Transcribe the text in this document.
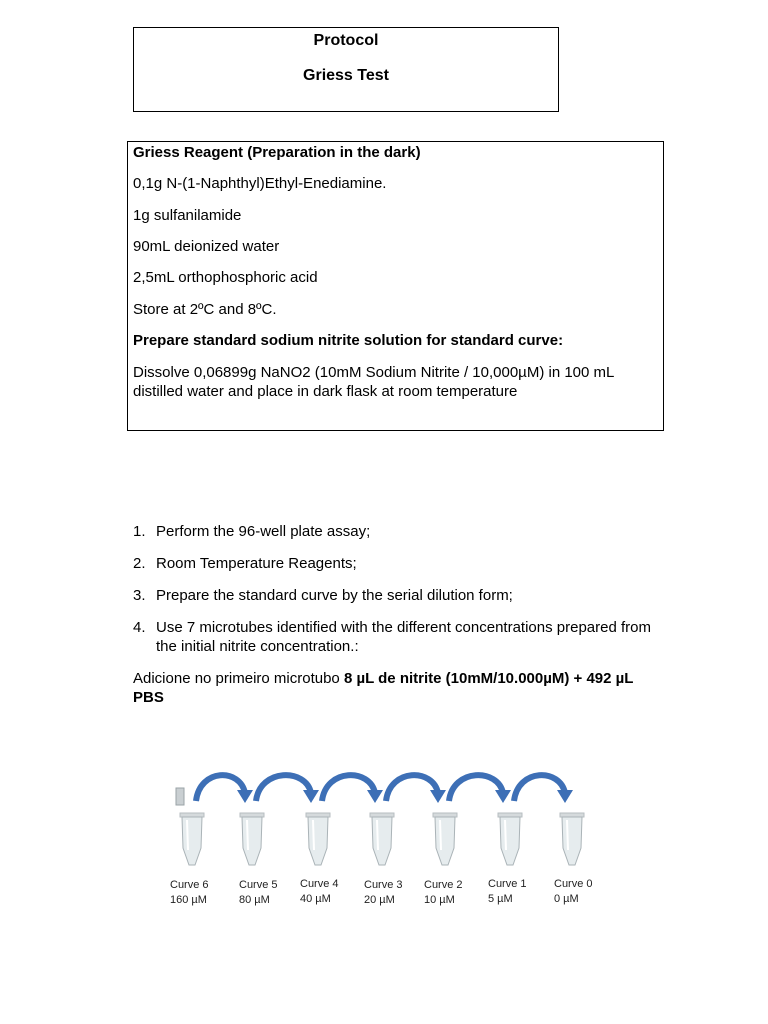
Protocol
Griess Test

Griess Reagent (Preparation in the dark)

0,1g N-(1-Naphthyl)Ethyl-Enediamine.

1g sulfanilamide

90mL deionized water

2,5mL orthophosphoric acid

Store at 2ºC and 8ºC.

Prepare standard sodium nitrite solution for standard curve:

Dissolve 0,06899g NaNO2 (10mM Sodium Nitrite / 10,000µM) in 100 mL distilled water and place in dark flask at room temperature

1. Perform the 96-well plate assay;
2. Room Temperature Reagents;
3. Prepare the standard curve by the serial dilution form;
4. Use 7 microtubes identified with the different concentrations prepared from the initial nitrite concentration.:
Adicione no primeiro microtubo 8 µL de nitrite (10mM/10.000µM) + 492 µL PBS
Curve 6
160 µM
Curve 5
80 µM
Curve 4
40 µM
Curve 3
20 µM
Curve 2
10 µM
Curve 1
5 µM
Curve 0
0 µM
